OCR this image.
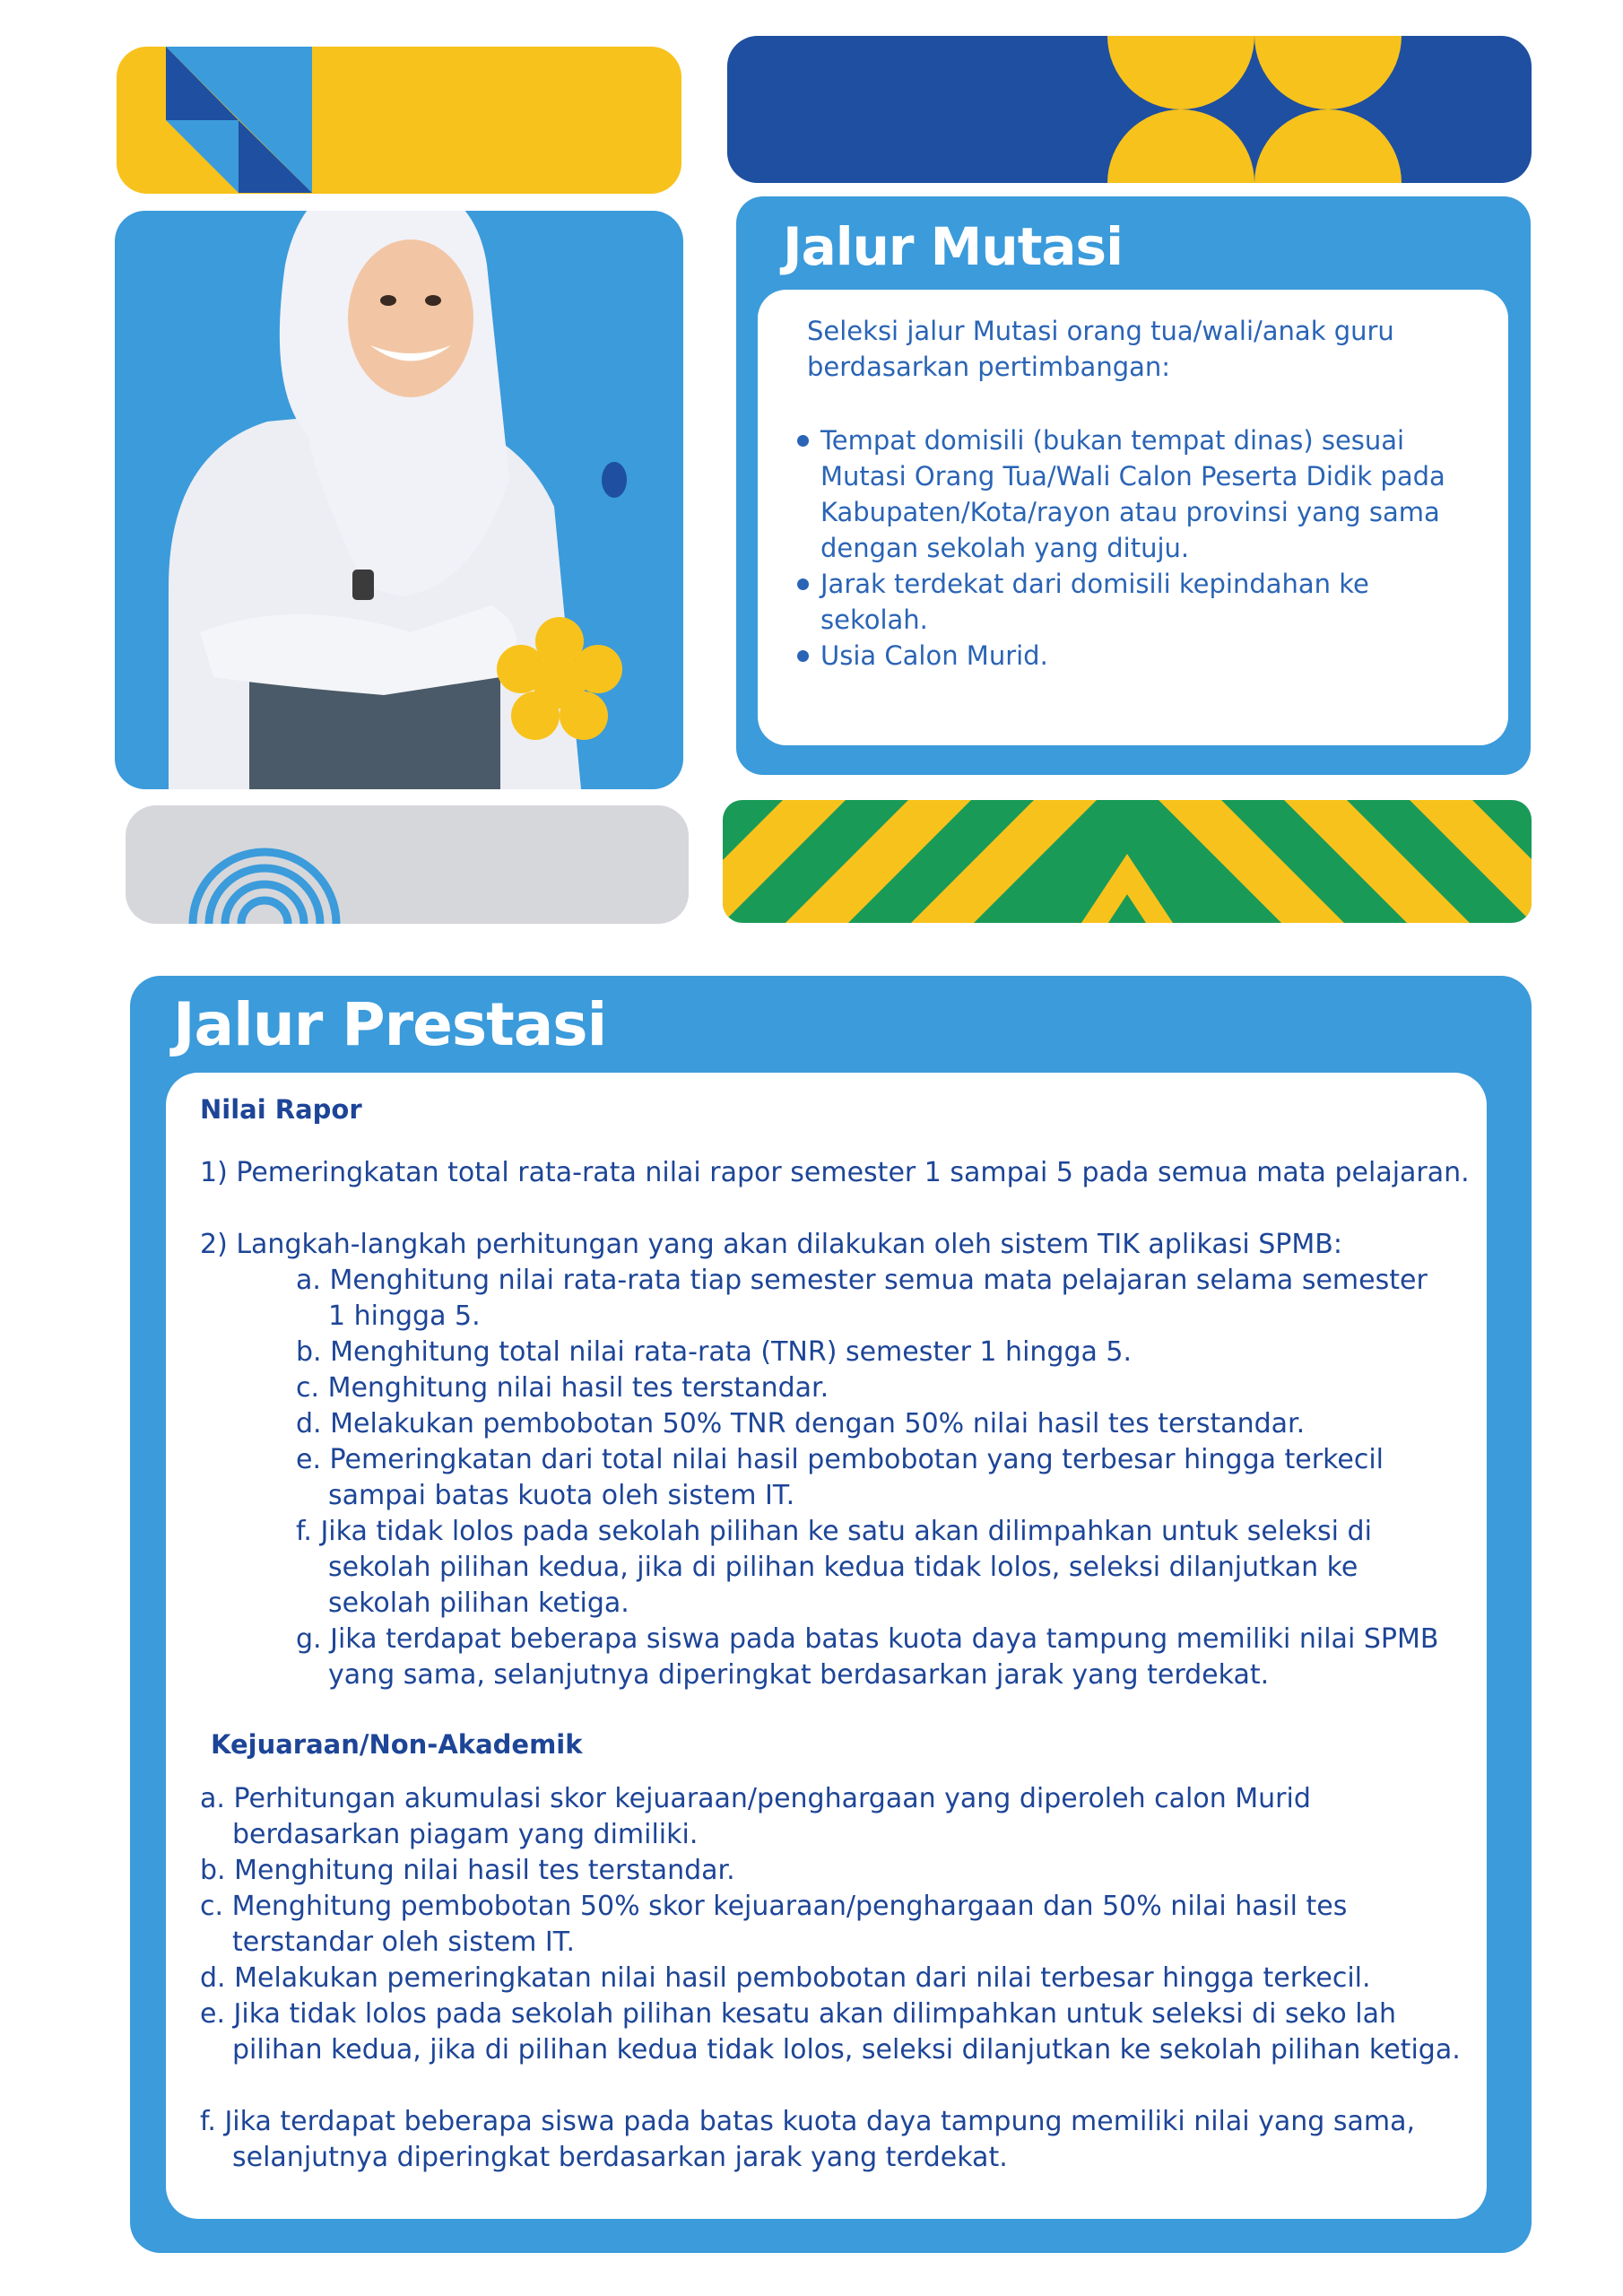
Jalur Mutasi
Seleksi jalur Mutasi orang tua/wali/anak guru berdasarkan pertimbangan:
Tempat domisili (bukan tempat dinas) sesuai Mutasi Orang Tua/Wali Calon Peserta Didik pada Kabupaten/Kota/rayon atau provinsi yang sama dengan sekolah yang dituju.
Jarak terdekat dari domisili kepindahan ke sekolah.
Usia Calon Murid.
Jalur Prestasi
Nilai Rapor
1) Pemeringkatan total rata-rata nilai rapor semester 1 sampai 5 pada semua mata pelajaran.
2) Langkah-langkah perhitungan yang akan dilakukan oleh sistem TIK aplikasi SPMB:
a. Menghitung nilai rata-rata tiap semester semua mata pelajaran selama semester 1 hingga 5.
b. Menghitung total nilai rata-rata (TNR) semester 1 hingga 5.
c. Menghitung nilai hasil tes terstandar.
d. Melakukan pembobotan 50% TNR dengan 50% nilai hasil tes terstandar.
e. Pemeringkatan dari total nilai hasil pembobotan yang terbesar hingga terkecil sampai batas kuota oleh sistem IT.
f. Jika tidak lolos pada sekolah pilihan ke satu akan dilimpahkan untuk seleksi di sekolah pilihan kedua, jika di pilihan kedua tidak lolos, seleksi dilanjutkan ke sekolah pilihan ketiga.
g. Jika terdapat beberapa siswa pada batas kuota daya tampung memiliki nilai SPMB yang sama, selanjutnya diperingkat berdasarkan jarak yang terdekat.
Kejuaraan/Non-Akademik
a. Perhitungan akumulasi skor kejuaraan/penghargaan yang diperoleh calon Murid berdasarkan piagam yang dimiliki.
b. Menghitung nilai hasil tes terstandar.
c. Menghitung pembobotan 50% skor kejuaraan/penghargaan dan 50% nilai hasil tes terstandar oleh sistem IT.
d. Melakukan pemeringkatan nilai hasil pembobotan dari nilai terbesar hingga terkecil.
e. Jika tidak lolos pada sekolah pilihan kesatu akan dilimpahkan untuk seleksi di seko lah pilihan kedua, jika di pilihan kedua tidak lolos, seleksi dilanjutkan ke sekolah pilihan ketiga.
f. Jika terdapat beberapa siswa pada batas kuota daya tampung memiliki nilai yang sama, selanjutnya diperingkat berdasarkan jarak yang terdekat.
